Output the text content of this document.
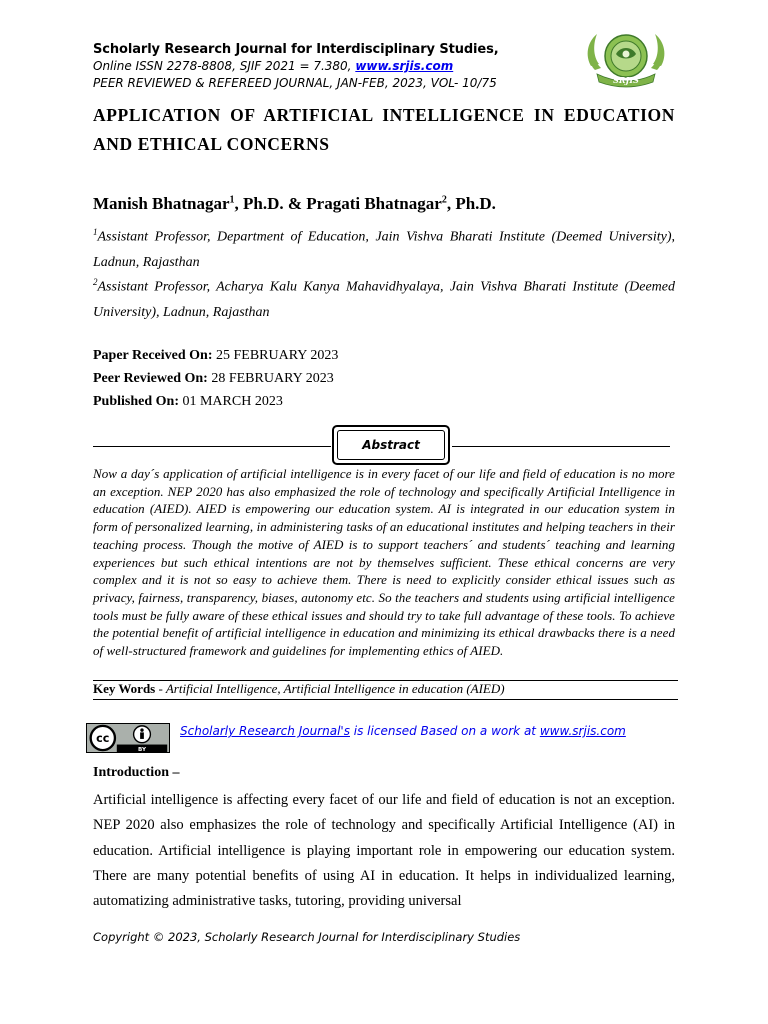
Scholarly Research Journal for Interdisciplinary Studies,
Online ISSN 2278-8808, SJIF 2021 = 7.380, www.srjis.com
PEER REVIEWED & REFEREED JOURNAL, JAN-FEB, 2023, VOL- 10/75	SRJIS
APPLICATION OF ARTIFICIAL INTELLIGENCE IN EDUCATION AND ETHICAL CONCERNS
Manish Bhatnagar$^1$, Ph.D. & Pragati Bhatnagar$^2$, Ph.D.
$^1$Assistant Professor, Department of Education, Jain Vishva Bharati Institute (Deemed University), Ladnun, Rajasthan
$^2$Assistant Professor, Acharya Kalu Kanya Mahavidhyalaya, Jain Vishva Bharati Institute (Deemed University), Ladnun, Rajasthan
Paper Received On: 25 FEBRUARY 2023
Peer Reviewed On: 28 FEBRUARY 2023
Published On: 01 MARCH 2023
Abstract
Now a day´s application of artificial intelligence is in every facet of our life and field of education is no more an exception. NEP 2020 has also emphasized the role of technology and specifically Artificial Intelligence in education (AIED). AIED is empowering our education system. AI is integrated in our education system in form of personalized learning, in administering tasks of an educational institutes and helping teachers in their teaching process. Though the motive of AIED is to support teachers´ and students´ teaching and learning experiences but such ethical intentions are not by themselves sufficient. These ethical concerns are very complex and it is not so easy to achieve them. There is need to explicitly consider ethical issues such as privacy, fairness, transparency, biases, autonomy etc. So the teachers and students using artificial intelligence tools must be fully aware of these ethical issues and should try to take full advantage of these tools. To achieve the potential benefit of artificial intelligence in education and minimizing its ethical drawbacks there is a need of well-structured framework and guidelines for implementing ethics of AIED.
Key Words - Artificial Intelligence, Artificial Intelligence in education (AIED)
cc
BY
Scholarly Research Journal's is licensed Based on a work at www.srjis.com
Introduction –
Artificial intelligence is affecting every facet of our life and field of education is not an exception. NEP 2020 also emphasizes the role of technology and specifically Artificial Intelligence (AI) in education. Artificial intelligence is playing important role in empowering our education system. There are many potential benefits of using AI in education. It helps in individualized learning, automatizing administrative tasks, tutoring, providing universal
Copyright © 2023, Scholarly Research Journal for Interdisciplinary Studies
